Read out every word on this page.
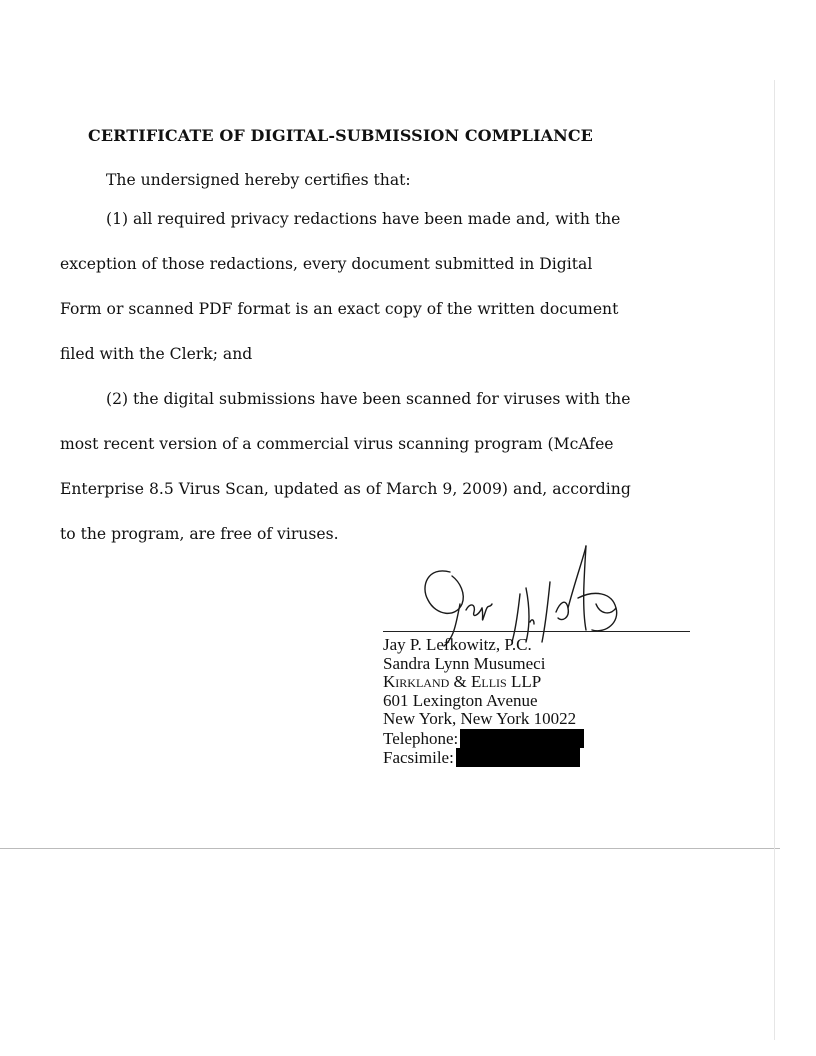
CERTIFICATE OF DIGITAL-SUBMISSION COMPLIANCE

The undersigned hereby certifies that:

(1) all required privacy redactions have been made and, with the
exception of those redactions, every document submitted in Digital
Form or scanned PDF format is an exact copy of the written document
filed with the Clerk; and

(2) the digital submissions have been scanned for viruses with the
most recent version of a commercial virus scanning program (McAfee
Enterprise 8.5 Virus Scan, updated as of March 9, 2009) and, according
to the program, are free of viruses.

Jay P. Lefkowitz, P.C.
Sandra Lynn Musumeci
Kirkland & Ellis LLP
601 Lexington Avenue
New York, New York 10022
Telephone:
Facsimile:
